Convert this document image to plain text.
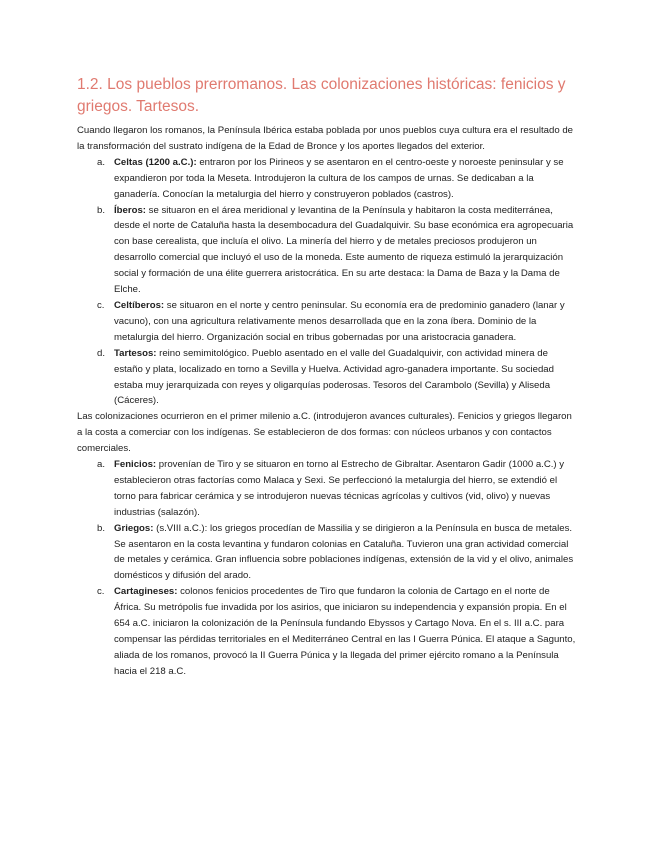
1.2. Los pueblos prerromanos. Las colonizaciones históricas: fenicios y griegos. Tartesos.

Cuando llegaron los romanos, la Península Ibérica estaba poblada por unos pueblos cuya cultura era el resultado de la transformación del sustrato indígena de la Edad de Bronce y los aportes llegados del exterior.

a. Celtas (1200 a.C.): entraron por los Pirineos y se asentaron en el centro-oeste y noroeste peninsular y se expandieron por toda la Meseta. Introdujeron la cultura de los campos de urnas. Se dedicaban a la ganadería. Conocían la metalurgia del hierro y construyeron poblados (castros).
b. Íberos: se situaron en el área meridional y levantina de la Península y habitaron la costa mediterránea, desde el norte de Cataluña hasta la desembocadura del Guadalquivir. Su base económica era agropecuaria con base cerealista, que incluía el olivo. La minería del hierro y de metales preciosos produjeron un desarrollo comercial que incluyó el uso de la moneda. Este aumento de riqueza estimuló la jerarquización social y formación de una élite guerrera aristocrática. En su arte destaca: la Dama de Baza y la Dama de Elche.
c. Celtíberos: se situaron en el norte y centro peninsular. Su economía era de predominio ganadero (lanar y vacuno), con una agricultura relativamente menos desarrollada que en la zona íbera. Dominio de la metalurgia del hierro. Organización social en tribus gobernadas por una aristocracia ganadera.
d. Tartesos: reino semimitológico. Pueblo asentado en el valle del Guadalquivir, con actividad minera de estaño y plata, localizado en torno a Sevilla y Huelva. Actividad agro-ganadera importante. Su sociedad estaba muy jerarquizada con reyes y oligarquías poderosas. Tesoros del Carambolo (Sevilla) y Aliseda (Cáceres).

Las colonizaciones ocurrieron en el primer milenio a.C. (introdujeron avances culturales). Fenicios y griegos llegaron a la costa a comerciar con los indígenas. Se establecieron de dos formas: con núcleos urbanos y con contactos comerciales.

a. Fenicios: provenían de Tiro y se situaron en torno al Estrecho de Gibraltar. Asentaron Gadir (1000 a.C.) y establecieron otras factorías como Malaca y Sexi. Se perfeccionó la metalurgia del hierro, se extendió el torno para fabricar cerámica y se introdujeron nuevas técnicas agrícolas y cultivos (vid, olivo) y nuevas industrias (salazón).
b. Griegos: (s.VIII a.C.): los griegos procedían de Massilia y se dirigieron a la Península en busca de metales. Se asentaron en la costa levantina y fundaron colonias en Cataluña. Tuvieron una gran actividad comercial de metales y cerámica. Gran influencia sobre poblaciones indígenas, extensión de la vid y el olivo, animales domésticos y difusión del arado.
c. Cartagineses: colonos fenicios procedentes de Tiro que fundaron la colonia de Cartago en el norte de África. Su metrópolis fue invadida por los asirios, que iniciaron su independencia y expansión propia. En el 654 a.C. iniciaron la colonización de la Península fundando Ebyssos y Cartago Nova. En el s. III a.C. para compensar las pérdidas territoriales en el Mediterráneo Central en las I Guerra Púnica. El ataque a Sagunto, aliada de los romanos, provocó la II Guerra Púnica y la llegada del primer ejército romano a la Península hacia el 218 a.C.
